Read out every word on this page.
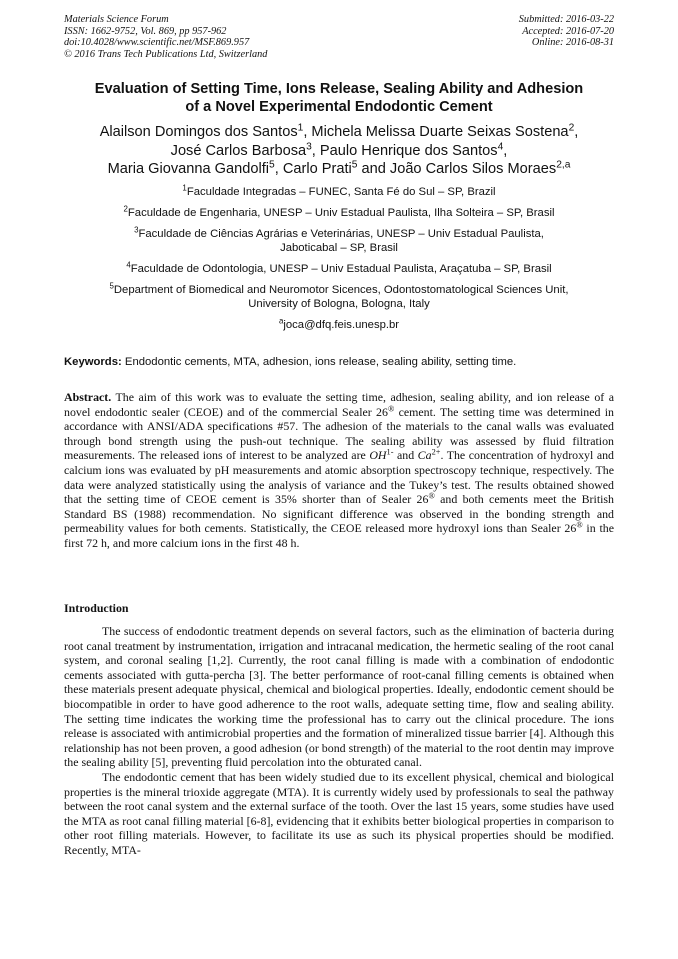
Materials Science Forum
ISSN: 1662-9752, Vol. 869, pp 957-962
doi:10.4028/www.scientific.net/MSF.869.957
© 2016 Trans Tech Publications Ltd, Switzerland
Submitted: 2016-03-22
Accepted: 2016-07-20
Online: 2016-08-31
Evaluation of Setting Time, Ions Release, Sealing Ability and Adhesion
of a Novel Experimental Endodontic Cement
Alailson Domingos dos Santos$^1$, Michela Melissa Duarte Seixas Sostena$^2$,
José Carlos Barbosa$^3$, Paulo Henrique dos Santos$^4$,
Maria Giovanna Gandolfi$^5$, Carlo Prati$^5$ and João Carlos Silos Moraes$^{2,a}$
$^1$Faculdade Integradas – FUNEC, Santa Fé do Sul – SP, Brazil
$^2$Faculdade de Engenharia, UNESP – Univ Estadual Paulista, Ilha Solteira – SP, Brasil
$^3$Faculdade de Ciências Agrárias e Veterinárias, UNESP – Univ Estadual Paulista,
Jaboticabal – SP, Brasil
$^4$Faculdade de Odontologia, UNESP – Univ Estadual Paulista, Araçatuba – SP, Brasil
$^5$Department of Biomedical and Neuromotor Sicences, Odontostomatological Sciences Unit,
University of Bologna, Bologna, Italy
$^a$joca@dfq.feis.unesp.br
Keywords: Endodontic cements, MTA, adhesion, ions release, sealing ability, setting time.
Abstract. The aim of this work was to evaluate the setting time, adhesion, sealing ability, and ion release of a novel endodontic sealer (CEOE) and of the commercial Sealer 26® cement. The setting time was determined in accordance with ANSI/ADA specifications #57. The adhesion of the materials to the canal walls was evaluated through bond strength using the push-out technique. The sealing ability was assessed by fluid filtration measurements. The released ions of interest to be analyzed are $OH^{1-}$ and $Ca^{2+}$. The concentration of hydroxyl and calcium ions was evaluated by pH measurements and atomic absorption spectroscopy technique, respectively. The data were analyzed statistically using the analysis of variance and the Tukey’s test. The results obtained showed that the setting time of CEOE cement is 35% shorter than of Sealer 26® and both cements meet the British Standard BS (1988) recommendation. No significant difference was observed in the bonding strength and permeability values for both cements. Statistically, the CEOE released more hydroxyl ions than Sealer 26® in the first 72 h, and more calcium ions in the first 48 h.
Introduction

The success of endodontic treatment depends on several factors, such as the elimination of bacteria during root canal treatment by instrumentation, irrigation and intracanal medication, the hermetic sealing of the root canal system, and coronal sealing [1,2]. Currently, the root canal filling is made with a combination of endodontic cements associated with gutta-percha [3]. The better performance of root-canal filling cements is obtained when these materials present adequate physical, chemical and biological properties. Ideally, endodontic cement should be biocompatible in order to have good adherence to the root walls, adequate setting time, flow and sealing ability. The setting time indicates the working time the professional has to carry out the clinical procedure. The ions release is associated with antimicrobial properties and the formation of mineralized tissue barrier [4]. Although this relationship has not been proven, a good adhesion (or bond strength) of the material to the root dentin may improve the sealing ability [5], preventing fluid percolation into the obturated canal.

The endodontic cement that has been widely studied due to its excellent physical, chemical and biological properties is the mineral trioxide aggregate (MTA). It is currently widely used by professionals to seal the pathway between the root canal system and the external surface of the tooth. Over the last 15 years, some studies have used the MTA as root canal filling material [6-8], evidencing that it exhibits better biological properties in comparison to other root filling materials. However, to facilitate its use as such its physical properties should be modified. Recently, MTA-
